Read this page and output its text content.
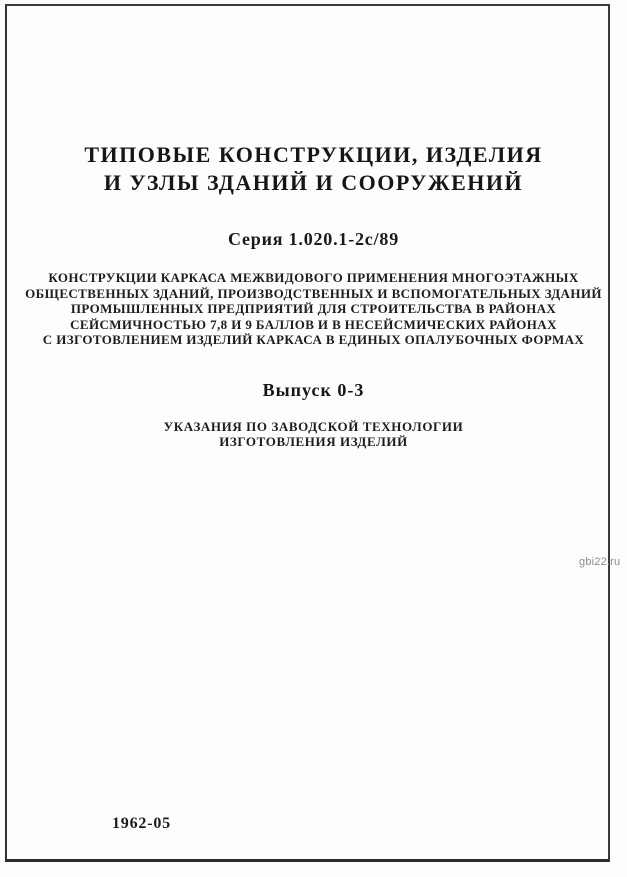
ТИПОВЫЕ КОНСТРУКЦИИ, ИЗДЕЛИЯ
И УЗЛЫ ЗДАНИЙ И СООРУЖЕНИЙ
Серия 1.020.1-2с/89
КОНСТРУКЦИИ КАРКАСА МЕЖВИДОВОГО ПРИМЕНЕНИЯ МНОГОЭТАЖНЫХ
ОБЩЕСТВЕННЫХ ЗДАНИЙ, ПРОИЗВОДСТВЕННЫХ И ВСПОМОГАТЕЛЬНЫХ ЗДАНИЙ
ПРОМЫШЛЕННЫХ ПРЕДПРИЯТИЙ ДЛЯ СТРОИТЕЛЬСТВА В РАЙОНАХ
СЕЙСМИЧНОСТЬЮ 7,8 И 9 БАЛЛОВ И В НЕСЕЙСМИЧЕСКИХ РАЙОНАХ
С ИЗГОТОВЛЕНИЕМ ИЗДЕЛИЙ КАРКАСА В ЕДИНЫХ ОПАЛУБОЧНЫХ ФОРМАХ
Выпуск 0-3
УКАЗАНИЯ ПО ЗАВОДСКОЙ ТЕХНОЛОГИИ
ИЗГОТОВЛЕНИЯ ИЗДЕЛИЙ
gbi22.ru
1962-05
